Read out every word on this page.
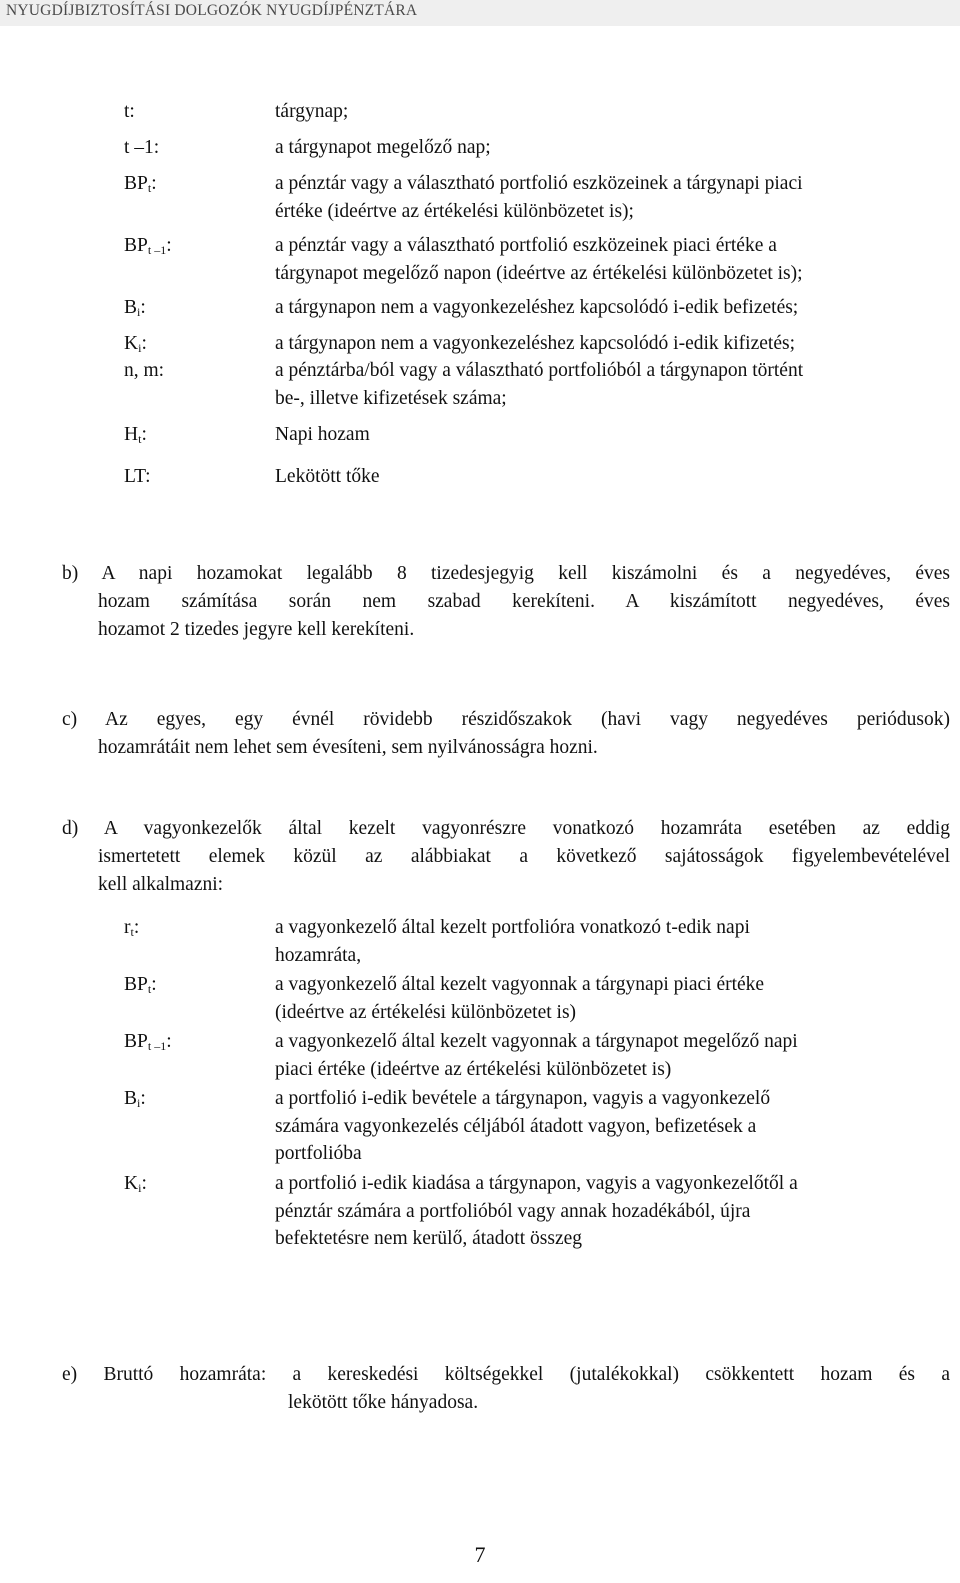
NYUGDÍJBIZTOSÍTÁSI DOLGOZÓK NYUGDÍJPÉNZTÁRA
t:	tárgynap;
t –1:	a tárgynapot megelőző nap;
$BP_t$:	a pénztár vagy a választható portfolió eszközeinek a tárgynapi piaci
értéke (ideértve az értékelési különbözetet is);
$BP_{t -1}$:	a pénztár vagy a választható portfolió eszközeinek piaci értéke a
tárgynapot megelőző napon (ideértve az értékelési különbözetet is);
$B_i$:	a tárgynapon nem a vagyonkezeléshez kapcsolódó i-edik befizetés;
$K_i$:	a tárgynapon nem a vagyonkezeléshez kapcsolódó i-edik kifizetés;
n, m:	a pénztárba/ból vagy a választható portfolióból a tárgynapon történt
be-, illetve kifizetések száma;
$H_t$:	Napi hozam
LT:	Lekötött tőke
b) A napi hozamokat legalább 8 tizedesjegyig kell kiszámolni és a negyedéves, éves
hozam számítása során nem szabad kerekíteni. A kiszámított negyedéves, éves
hozamot 2 tizedes jegyre kell kerekíteni.
c) Az egyes, egy évnél rövidebb részidőszakok (havi vagy negyedéves periódusok)
hozamrátáit nem lehet sem évesíteni, sem nyilvánosságra hozni.
d) A vagyonkezelők által kezelt vagyonrészre vonatkozó hozamráta esetében az eddig
ismertetett elemek közül az alábbiakat a következő sajátosságok figyelembevételével
kell alkalmazni:
$r_t$:	a vagyonkezelő által kezelt portfolióra vonatkozó t-edik napi
hozamráta,
$BP_t$:	a vagyonkezelő által kezelt vagyonnak a tárgynapi piaci értéke
(ideértve az értékelési különbözetet is)
$BP_{t -1}$:	a vagyonkezelő által kezelt vagyonnak a tárgynapot megelőző napi
piaci értéke (ideértve az értékelési különbözetet is)
$B_i$:	a portfolió i-edik bevétele a tárgynapon, vagyis a vagyonkezelő
számára vagyonkezelés céljából átadott vagyon, befizetések a
portfolióba
$K_i$:	a portfolió i-edik kiadása a tárgynapon, vagyis a vagyonkezelőtől a
pénztár számára a portfolióból vagy annak hozadékából, újra
befektetésre nem kerülő, átadott összeg
e) Bruttó hozamráta: a kereskedési költségekkel (jutalékokkal) csökkentett hozam és a
lekötött tőke hányadosa.
7
